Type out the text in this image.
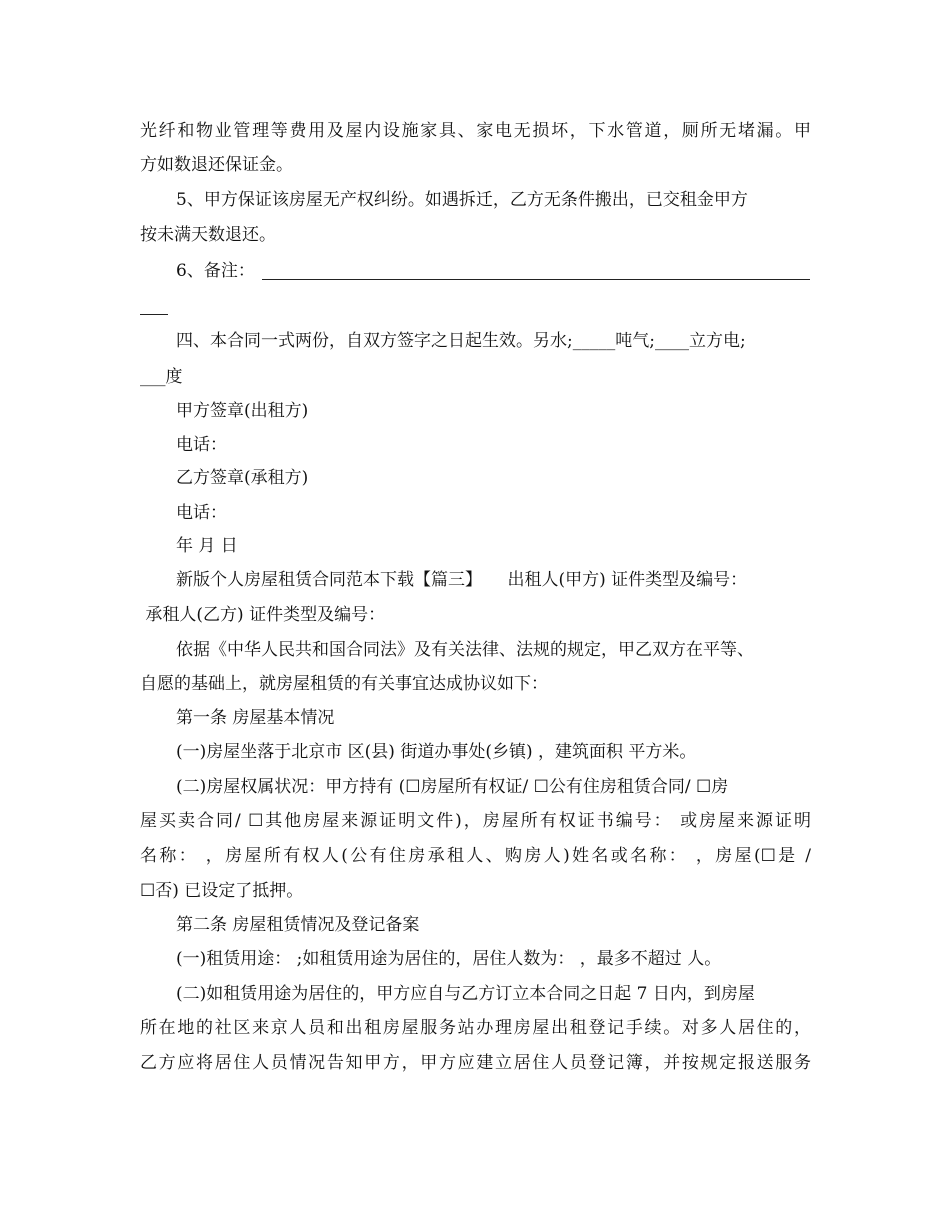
光纤和物业管理等费用及屋内设施家具、家电无损坏，下水管道，厕所无堵漏。甲
方如数退还保证金。
5、甲方保证该房屋无产权纠纷。如遇拆迁，乙方无条件搬出，已交租金甲方
按未满天数退还。
6、备注：
四、本合同一式两份，自双方签字之日起生效。另水;_____吨气;____立方电;
___度
甲方签章(出租方)
电话：
乙方签章(承租方)
电话：
年 月 日
新版个人房屋租赁合同范本下载【篇三】　　出租人(甲方) 证件类型及编号：
承租人(乙方) 证件类型及编号：
依据《中华人民共和国合同法》及有关法律、法规的规定，甲乙双方在平等、
自愿的基础上，就房屋租赁的有关事宜达成协议如下：
第一条 房屋基本情况
(一)房屋坐落于北京市 区(县) 街道办事处(乡镇) ，建筑面积 平方米。
(二)房屋权属状况：甲方持有 (☐房屋所有权证/ ☐公有住房租赁合同/ ☐房
屋买卖合同/ ☐其他房屋来源证明文件)，房屋所有权证书编号： 或房屋来源证明
名称： ，房屋所有权人(公有住房承租人、购房人)姓名或名称： ，房屋(☐是 /
☐否) 已设定了抵押。
第二条 房屋租赁情况及登记备案
(一)租赁用途： ;如租赁用途为居住的，居住人数为： ，最多不超过 人。
(二)如租赁用途为居住的，甲方应自与乙方订立本合同之日起 7 日内，到房屋
所在地的社区来京人员和出租房屋服务站办理房屋出租登记手续。对多人居住的，
乙方应将居住人员情况告知甲方，甲方应建立居住人员登记簿，并按规定报送服务
